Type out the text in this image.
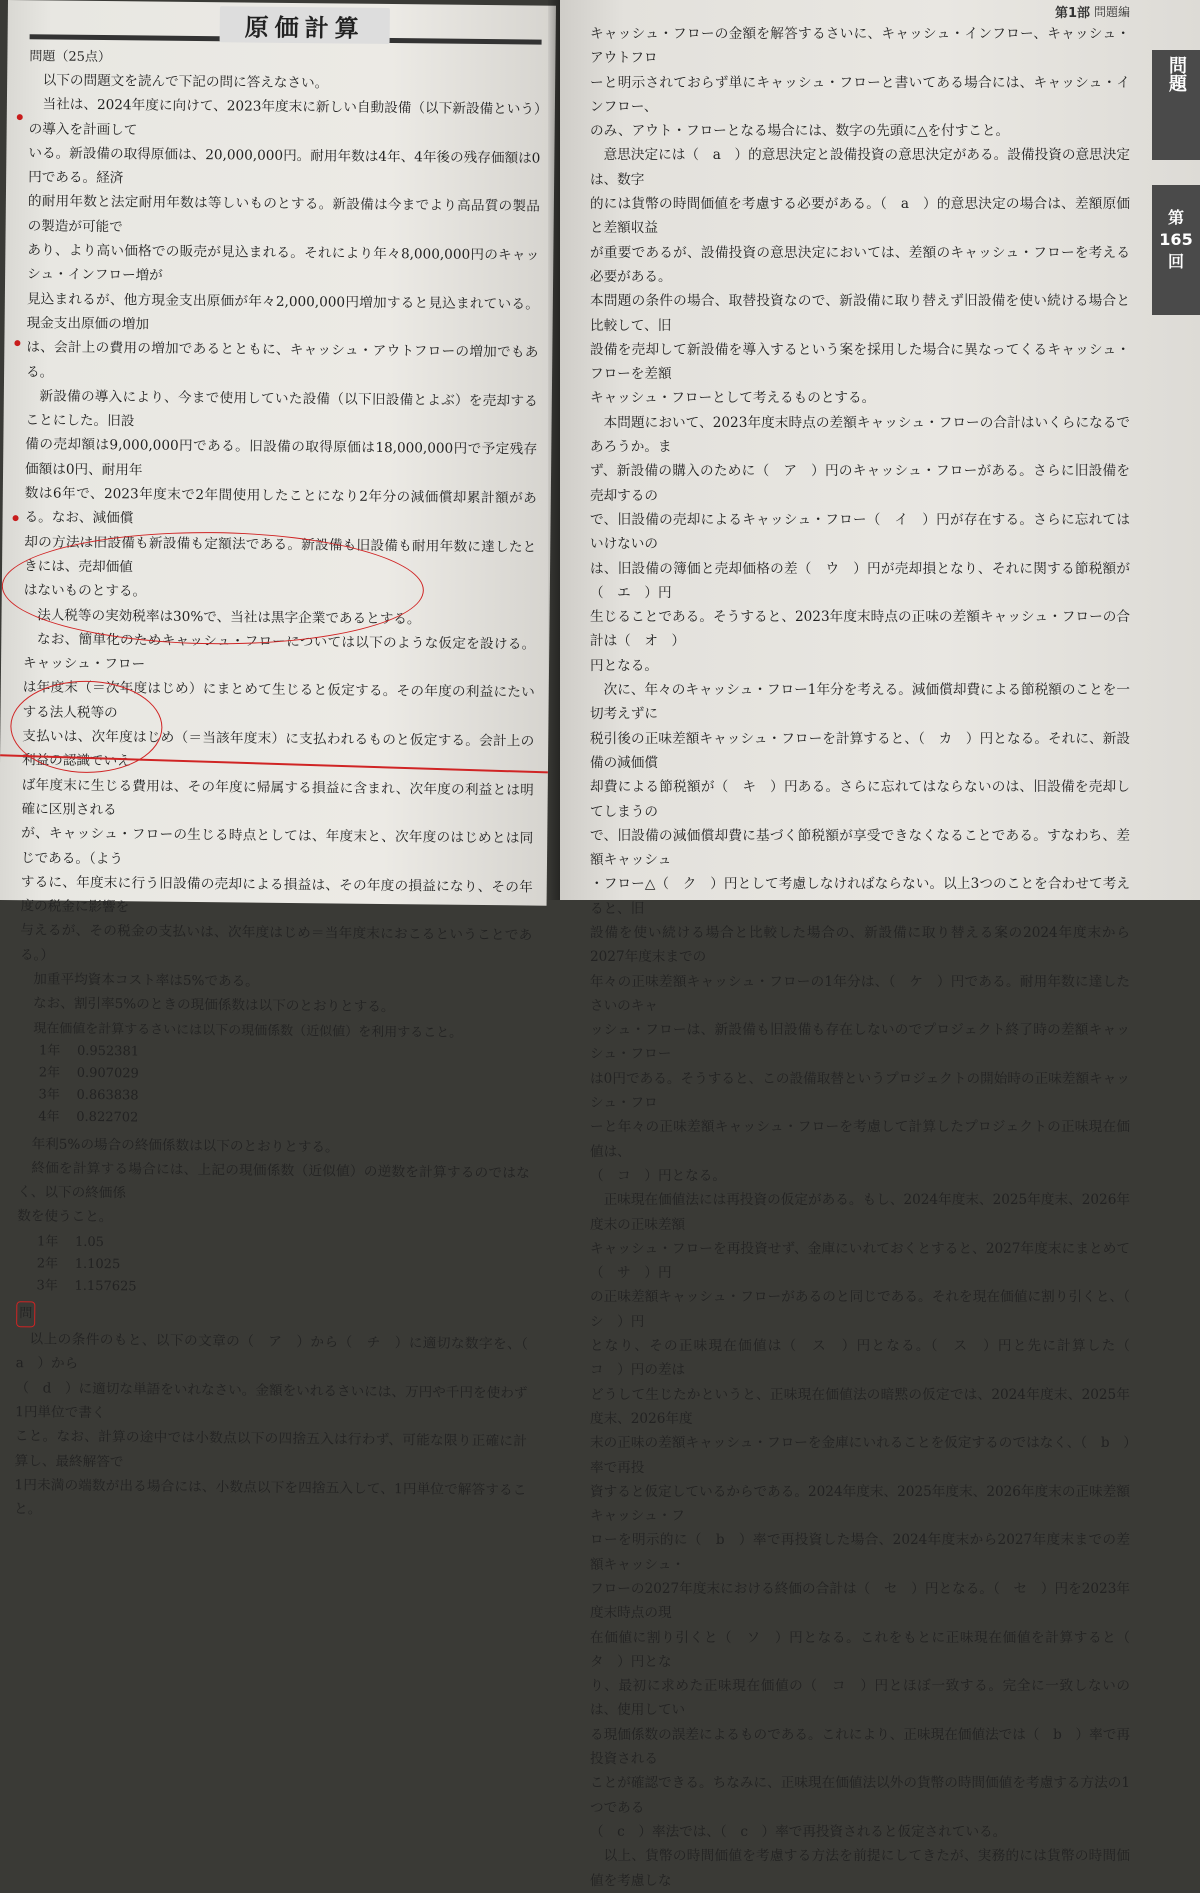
原価計算

問題（25点）

以下の問題文を読んで下記の問に答えなさい。

当社は、2024年度に向けて、2023年度末に新しい自動設備（以下新設備という）の導入を計画して

いる。新設備の取得原価は、20,000,000円。耐用年数は4年、4年後の残存価額は0円である。経済

的耐用年数と法定耐用年数は等しいものとする。新設備は今までより高品質の製品の製造が可能で

あり、より高い価格での販売が見込まれる。それにより年々8,000,000円のキャッシュ・インフロー増が

見込まれるが、他方現金支出原価が年々2,000,000円増加すると見込まれている。現金支出原価の増加

は、会計上の費用の増加であるとともに、キャッシュ・アウトフローの増加でもある。

新設備の導入により、今まで使用していた設備（以下旧設備とよぶ）を売却することにした。旧設

備の売却額は9,000,000円である。旧設備の取得原価は18,000,000円で予定残存価額は0円、耐用年

数は6年で、2023年度末で2年間使用したことになり2年分の減価償却累計額がある。なお、減価償

却の方法は旧設備も新設備も定額法である。新設備も旧設備も耐用年数に達したときには、売却価値

はないものとする。

法人税等の実効税率は30%で、当社は黒字企業であるとする。

なお、簡単化のためキャッシュ・フローについては以下のような仮定を設ける。キャッシュ・フロー

は年度末（＝次年度はじめ）にまとめて生じると仮定する。その年度の利益にたいする法人税等の

支払いは、次年度はじめ（＝当該年度末）に支払われるものと仮定する。会計上の利益の認識でいえ

ば年度末に生じる費用は、その年度に帰属する損益に含まれ、次年度の利益とは明確に区別される

が、キャッシュ・フローの生じる時点としては、年度末と、次年度のはじめとは同じである。（よう

するに、年度末に行う旧設備の売却による損益は、その年度の損益になり、その年度の税金に影響を

与えるが、その税金の支払いは、次年度はじめ＝当年度末におこるということである。）

加重平均資本コスト率は5%である。

なお、割引率5%のときの現価係数は以下のとおりとする。

現在価値を計算するさいには以下の現価係数（近似値）を利用すること。

1年 0.952381
2年 0.907029
3年 0.863838
4年 0.822702

年利5%の場合の終価係数は以下のとおりとする。

終価を計算する場合には、上記の現価係数（近似値）の逆数を計算するのではなく、以下の終価係

数を使うこと。

1年 1.05
2年 1.1025
3年 1.157625

問

以上の条件のもと、以下の文章の（　ア　）から（　チ　）に適切な数字を、（　a　）から

（　d　）に適切な単語をいれなさい。金額をいれるさいには、万円や千円を使わず1円単位で書く

こと。なお、計算の途中では小数点以下の四捨五入は行わず、可能な限り正確に計算し、最終解答で

1円未満の端数が出る場合には、小数点以下を四捨五入して、1円単位で解答すること。

第1部 問題編

キャッシュ・フローの金額を解答するさいに、キャッシュ・インフロー、キャッシュ・アウトフロ

ーと明示されておらず単にキャッシュ・フローと書いてある場合には、キャッシュ・インフロー、

のみ、アウト・フローとなる場合には、数字の先頭に△を付すこと。

意思決定には（　a　）的意思決定と設備投資の意思決定がある。設備投資の意思決定は、数字

的には貨幣の時間価値を考慮する必要がある。（　a　）的意思決定の場合は、差額原価と差額収益

が重要であるが、設備投資の意思決定においては、差額のキャッシュ・フローを考える必要がある。

本問題の条件の場合、取替投資なので、新設備に取り替えず旧設備を使い続ける場合と比較して、旧

設備を売却して新設備を導入するという案を採用した場合に異なってくるキャッシュ・フローを差額

キャッシュ・フローとして考えるものとする。

本問題において、2023年度末時点の差額キャッシュ・フローの合計はいくらになるであろうか。ま

ず、新設備の購入のために（　ア　）円のキャッシュ・フローがある。さらに旧設備を売却するの

で、旧設備の売却によるキャッシュ・フロー（　イ　）円が存在する。さらに忘れてはいけないの

は、旧設備の簿価と売却価格の差（　ウ　）円が売却損となり、それに関する節税額が（　エ　）円

生じることである。そうすると、2023年度末時点の正味の差額キャッシュ・フローの合計は（　オ　）

円となる。

次に、年々のキャッシュ・フロー1年分を考える。減価償却費による節税額のことを一切考えずに

税引後の正味差額キャッシュ・フローを計算すると、（　カ　）円となる。それに、新設備の減価償

却費による節税額が（　キ　）円ある。さらに忘れてはならないのは、旧設備を売却してしまうの

で、旧設備の減価償却費に基づく節税額が享受できなくなることである。すなわち、差額キャッシュ

・フロー△（　ク　）円として考慮しなければならない。以上3つのことを合わせて考えると、旧

設備を使い続ける場合と比較した場合の、新設備に取り替える案の2024年度末から2027年度末までの

年々の正味差額キャッシュ・フローの1年分は、（　ケ　）円である。耐用年数に達したさいのキャ

ッシュ・フローは、新設備も旧設備も存在しないのでプロジェクト終了時の差額キャッシュ・フロー

は0円である。そうすると、この設備取替というプロジェクトの開始時の正味差額キャッシュ・フロ

ーと年々の正味差額キャッシュ・フローを考慮して計算したプロジェクトの正味現在価値は、

（　コ　）円となる。

正味現在価値法には再投資の仮定がある。もし、2024年度末、2025年度末、2026年度末の正味差額

キャッシュ・フローを再投資せず、金庫にいれておくとすると、2027年度末にまとめて（　サ　）円

の正味差額キャッシュ・フローがあるのと同じである。それを現在価値に割り引くと、（　シ　）円

となり、その正味現在価値は（　ス　）円となる。（　ス　）円と先に計算した（　コ　）円の差は

どうして生じたかというと、正味現在価値法の暗黙の仮定では、2024年度末、2025年度末、2026年度

末の正味の差額キャッシュ・フローを金庫にいれることを仮定するのではなく、（　b　）率で再投

資すると仮定しているからである。2024年度末、2025年度末、2026年度末の正味差額キャッシュ・フ

ローを明示的に（　b　）率で再投資した場合、2024年度末から2027年度末までの差額キャッシュ・

フローの2027年度末における終価の合計は（　セ　）円となる。（　セ　）円を2023年度末時点の現

在価値に割り引くと（　ソ　）円となる。これをもとに正味現在価値を計算すると（　タ　）円とな

り、最初に求めた正味現在価値の（　コ　）円とほぼ一致する。完全に一致しないのは、使用してい

る現価係数の誤差によるものである。これにより、正味現在価値法では（　b　）率で再投資される

ことが確認できる。ちなみに、正味現在価値法以外の貨幣の時間価値を考慮する方法の1つである

（　c　）率法では、（　c　）率で再投資されると仮定されている。

以上、貨幣の時間価値を考慮する方法を前提にしてきたが、実務的には貨幣の時間価値を考慮しな

問題
第
165
回
